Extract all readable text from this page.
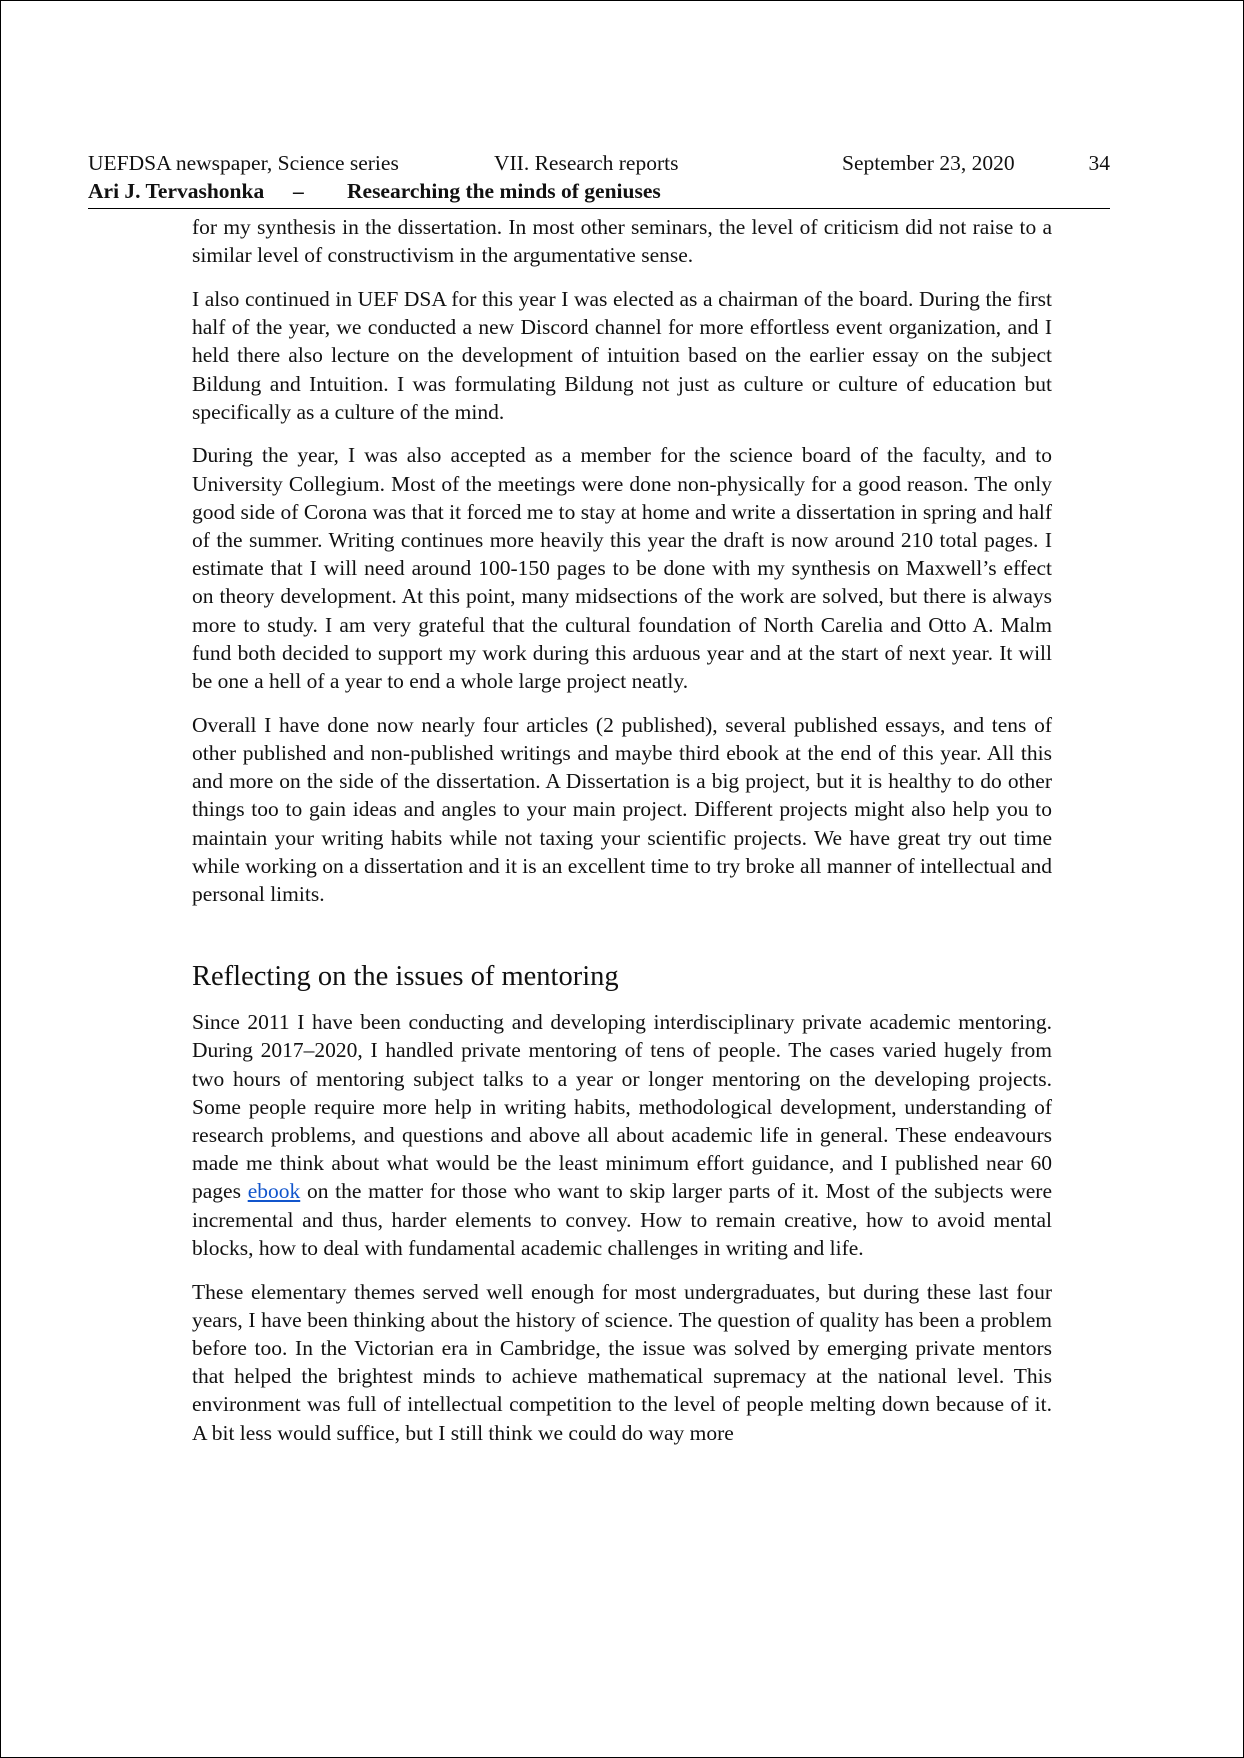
UEFDSA newspaper, Science series	VII. Research reports	September 23, 2020	34
Ari J. Tervashonka – Researching the minds of geniuses

for my synthesis in the dissertation. In most other seminars, the level of criticism did not raise to a similar level of constructivism in the argumentative sense.

I also continued in UEF DSA for this year I was elected as a chairman of the board. During the first half of the year, we conducted a new Discord channel for more effortless event organization, and I held there also lecture on the development of intuition based on the earlier essay on the subject Bildung and Intuition. I was formulating Bildung not just as culture or culture of education but specifically as a culture of the mind.

During the year, I was also accepted as a member for the science board of the faculty, and to University Collegium. Most of the meetings were done non-physically for a good reason. The only good side of Corona was that it forced me to stay at home and write a dissertation in spring and half of the summer. Writing continues more heavily this year the draft is now around 210 total pages. I estimate that I will need around 100-150 pages to be done with my synthesis on Maxwell’s effect on theory development. At this point, many midsections of the work are solved, but there is always more to study. I am very grateful that the cultural foundation of North Carelia and Otto A. Malm fund both decided to support my work during this arduous year and at the start of next year. It will be one a hell of a year to end a whole large project neatly.

Overall I have done now nearly four articles (2 published), several published essays, and tens of other published and non-published writings and maybe third ebook at the end of this year. All this and more on the side of the dissertation. A Dissertation is a big project, but it is healthy to do other things too to gain ideas and angles to your main project. Different projects might also help you to maintain your writing habits while not taxing your scientific projects. We have great try out time while working on a dissertation and it is an excellent time to try broke all manner of intellectual and personal limits.

Reflecting on the issues of mentoring

Since 2011 I have been conducting and developing interdisciplinary private academic mentoring. During 2017–2020, I handled private mentoring of tens of people. The cases varied hugely from two hours of mentoring subject talks to a year or longer mentoring on the developing projects. Some people require more help in writing habits, methodological development, understanding of research problems, and questions and above all about academic life in general. These endeavours made me think about what would be the least minimum effort guidance, and I published near 60 pages ebook on the matter for those who want to skip larger parts of it. Most of the subjects were incremental and thus, harder elements to convey. How to remain creative, how to avoid mental blocks, how to deal with fundamental academic challenges in writing and life.

These elementary themes served well enough for most undergraduates, but during these last four years, I have been thinking about the history of science. The question of quality has been a problem before too. In the Victorian era in Cambridge, the issue was solved by emerging private mentors that helped the brightest minds to achieve mathematical supremacy at the national level. This environment was full of intellectual competition to the level of people melting down because of it. A bit less would suffice, but I still think we could do way more
